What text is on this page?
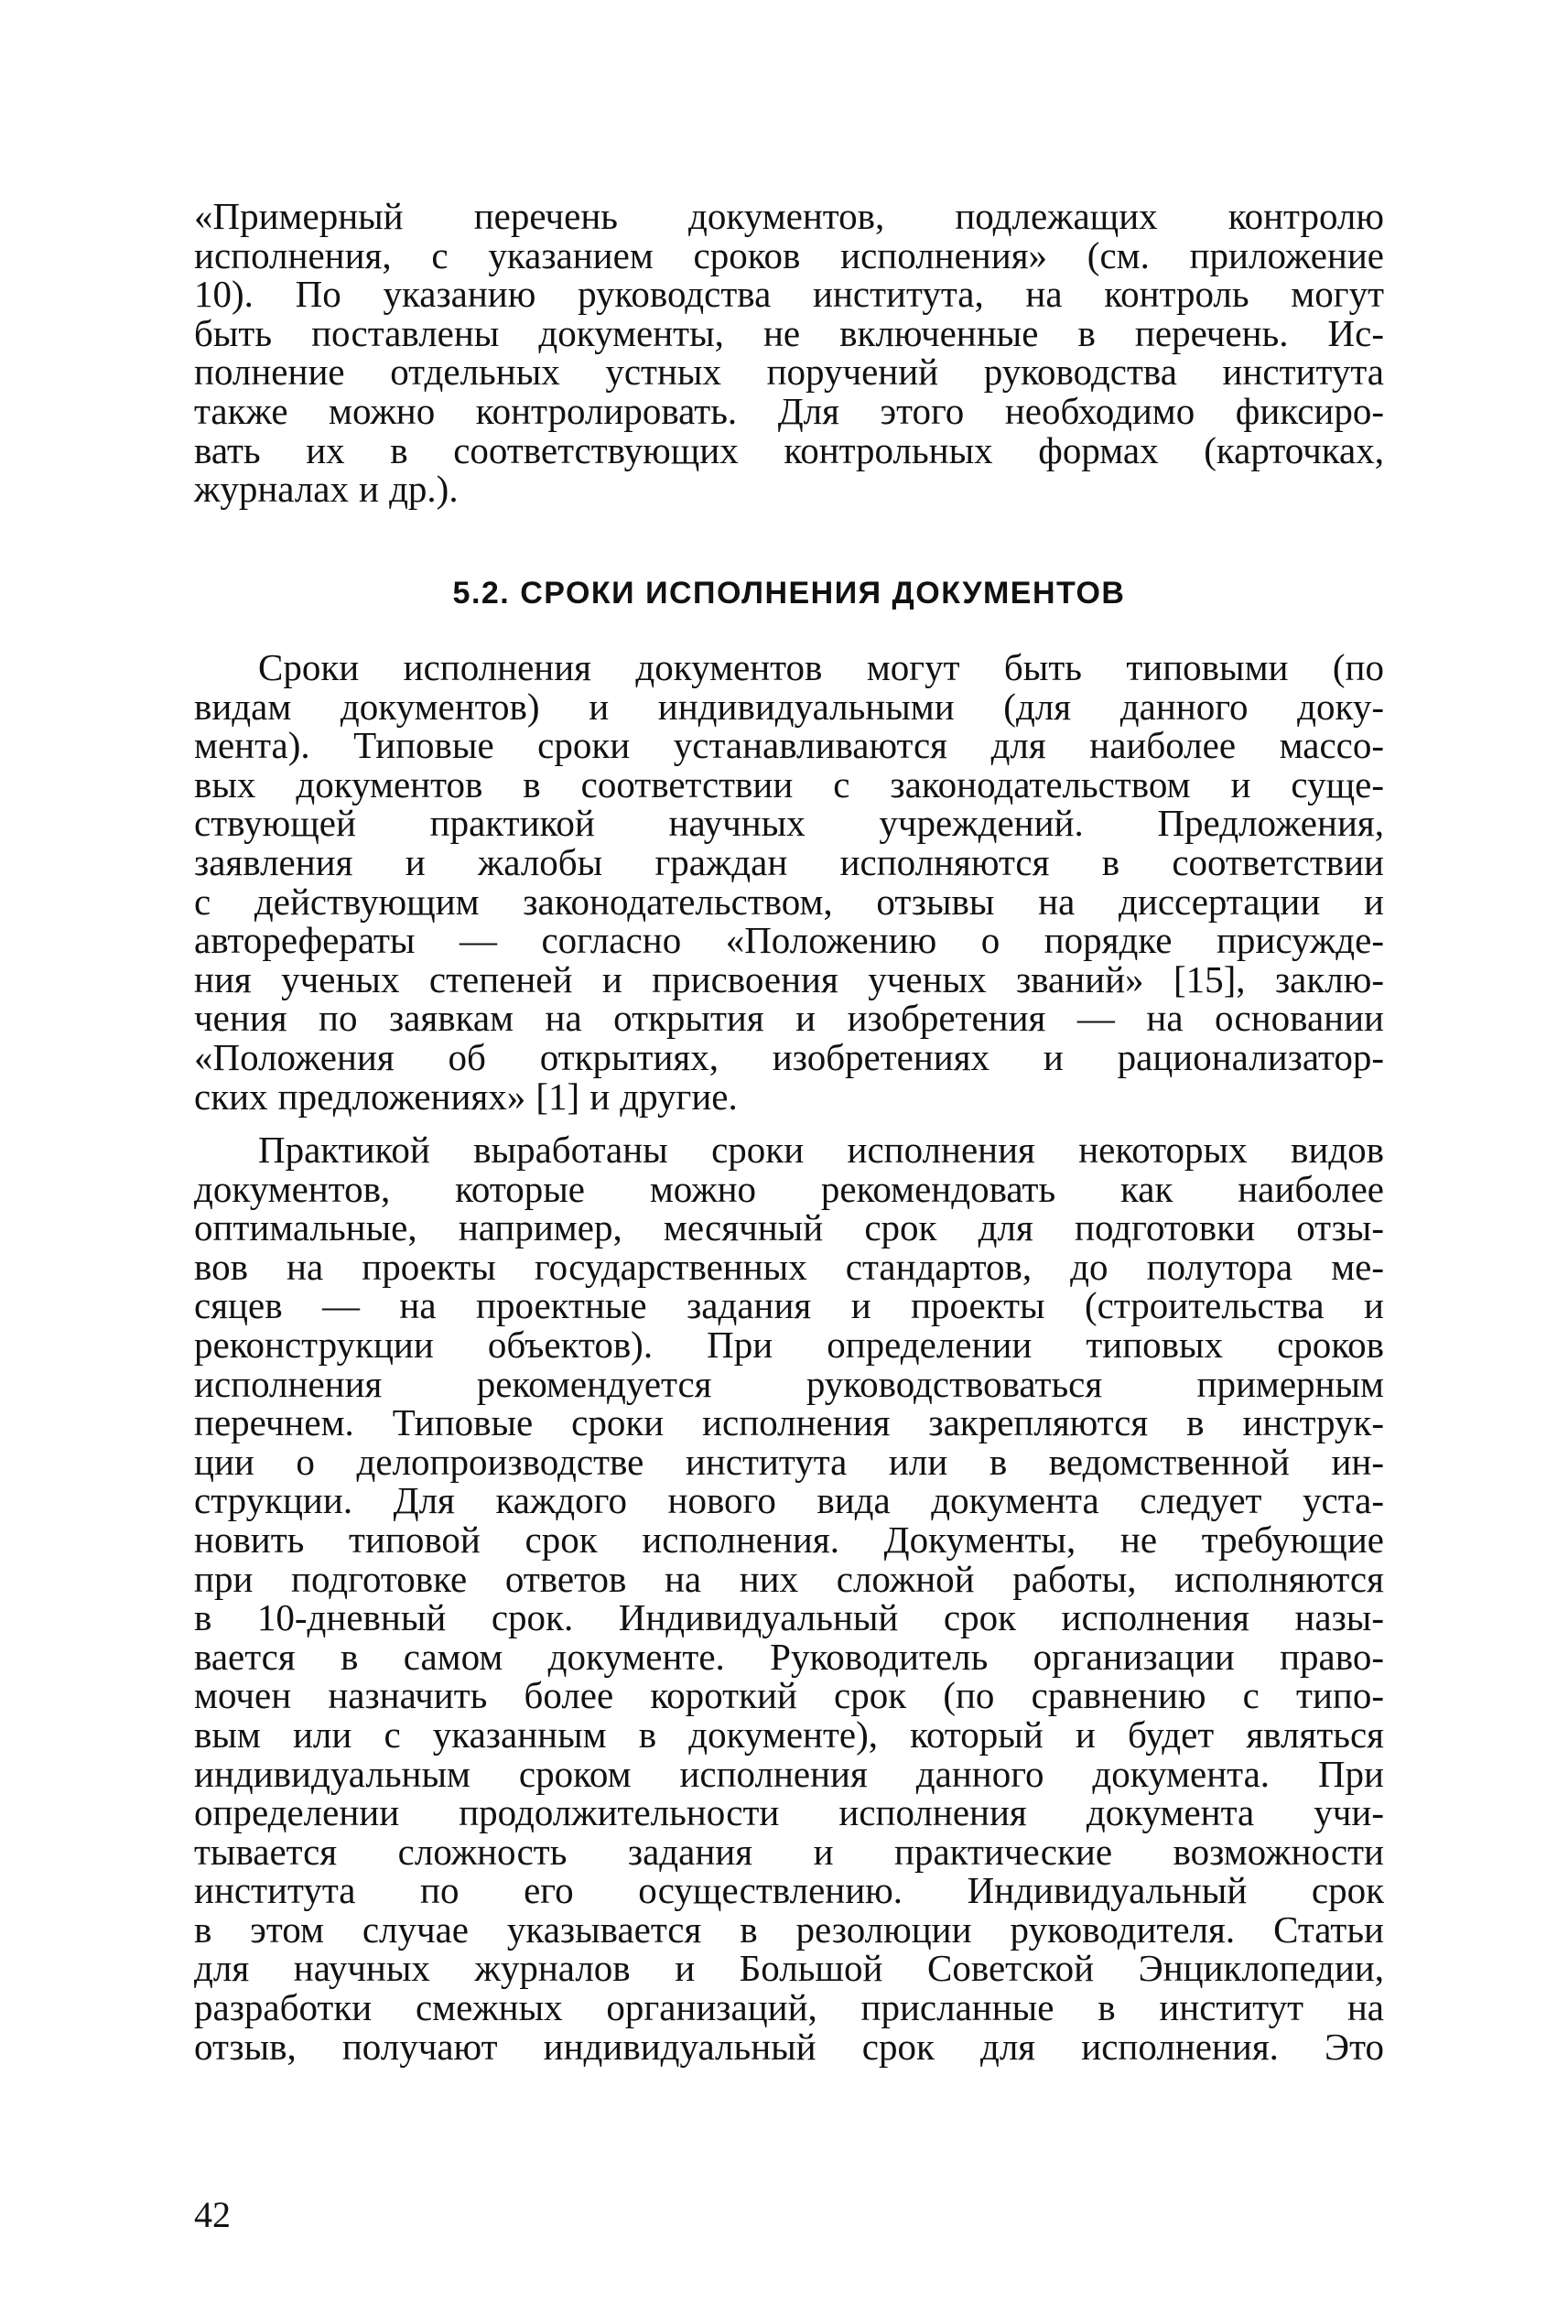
«Примерный перечень документов, подлежащих контролю
исполнения, с указанием сроков исполнения» (см. приложение
10). По указанию руководства института, на контроль могут
быть поставлены документы, не включенные в перечень. Ис-
полнение отдельных устных поручений руководства института
также можно контролировать. Для этого необходимо фиксиро-
вать их в соответствующих контрольных формах (карточках,
журналах и др.).

5.2. СРОКИ ИСПОЛНЕНИЯ ДОКУМЕНТОВ

Сроки исполнения документов могут быть типовыми (по
видам документов) и индивидуальными (для данного доку-
мента). Типовые сроки устанавливаются для наиболее массо-
вых документов в соответствии с законодательством и суще-
ствующей практикой научных учреждений. Предложения,
заявления и жалобы граждан исполняются в соответствии
с действующим законодательством, отзывы на диссертации и
авторефераты — согласно «Положению о порядке присужде-
ния ученых степеней и присвоения ученых званий» [15], заклю-
чения по заявкам на открытия и изобретения — на основании
«Положения об открытиях, изобретениях и рационализатор-
ских предложениях» [1] и другие.

Практикой выработаны сроки исполнения некоторых видов
документов, которые можно рекомендовать как наиболее
оптимальные, например, месячный срок для подготовки отзы-
вов на проекты государственных стандартов, до полутора ме-
сяцев — на проектные задания и проекты (строительства и
реконструкции объектов). При определении типовых сроков
исполнения рекомендуется руководствоваться примерным
перечнем. Типовые сроки исполнения закрепляются в инструк-
ции о делопроизводстве института или в ведомственной ин-
струкции. Для каждого нового вида документа следует уста-
новить типовой срок исполнения. Документы, не требующие
при подготовке ответов на них сложной работы, исполняются
в 10-дневный срок. Индивидуальный срок исполнения назы-
вается в самом документе. Руководитель организации право-
мочен назначить более короткий срок (по сравнению с типо-
вым или с указанным в документе), который и будет являться
индивидуальным сроком исполнения данного документа. При
определении продолжительности исполнения документа учи-
тывается сложность задания и практические возможности
института по его осуществлению. Индивидуальный срок
в этом случае указывается в резолюции руководителя. Статьи
для научных журналов и Большой Советской Энциклопедии,
разработки смежных организаций, присланные в институт на
отзыв, получают индивидуальный срок для исполнения. Это

42
